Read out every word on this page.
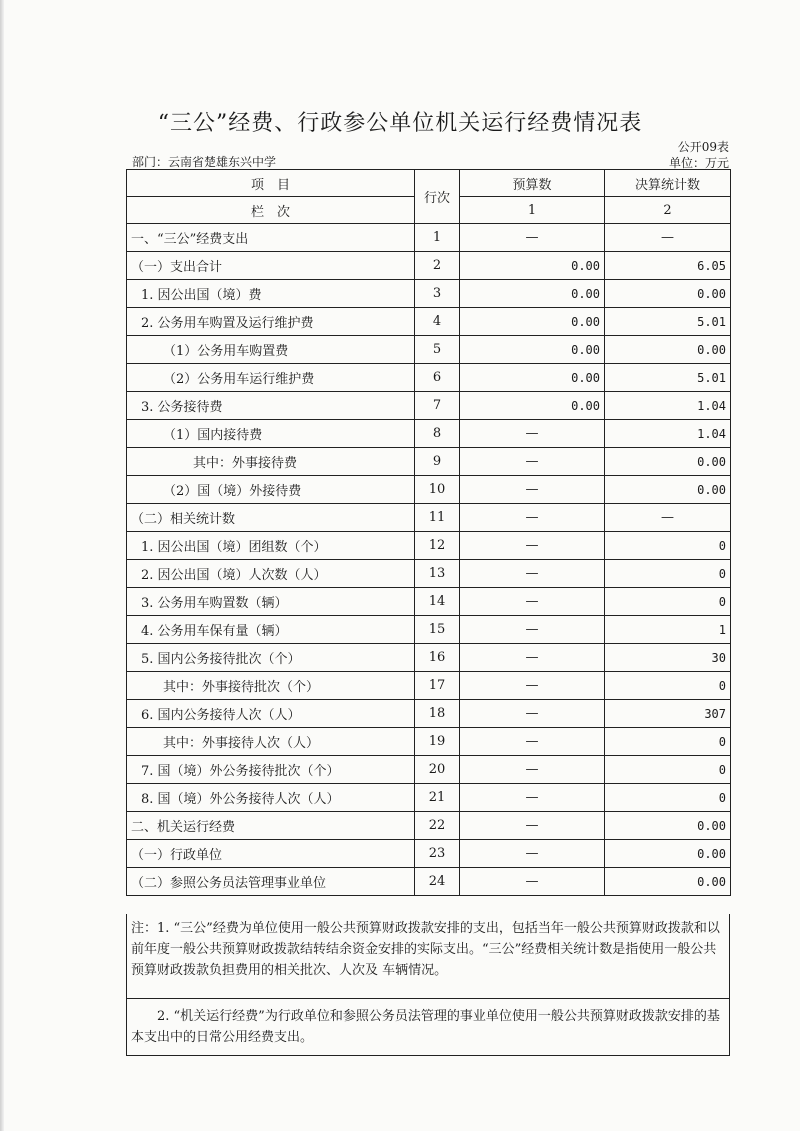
“三公”经费、行政参公单位机关运行经费情况表
公开09表
部门：云南省楚雄东兴中学	单位：万元
项　目	行次	预算数	决算统计数
栏　次		1	2
一、“三公”经费支出	1	—	—
（一）支出合计	2	0.00	6.05
1. 因公出国（境）费	3	0.00	0.00
2. 公务用车购置及运行维护费	4	0.00	5.01
（1）公务用车购置费	5	0.00	0.00
（2）公务用车运行维护费	6	0.00	5.01
3. 公务接待费	7	0.00	1.04
（1）国内接待费	8	—	1.04
其中：外事接待费	9	—	0.00
（2）国（境）外接待费	10	—	0.00
（二）相关统计数	11	—	—
1. 因公出国（境）团组数（个）	12	—	0
2. 因公出国（境）人次数（人）	13	—	0
3. 公务用车购置数（辆）	14	—	0
4. 公务用车保有量（辆）	15	—	1
5. 国内公务接待批次（个）	16	—	30
其中：外事接待批次（个）	17	—	0
6. 国内公务接待人次（人）	18	—	307
其中：外事接待人次（人）	19	—	0
7. 国（境）外公务接待批次（个）	20	—	0
8. 国（境）外公务接待人次（人）	21	—	0
二、机关运行经费	22	—	0.00
（一）行政单位	23	—	0.00
（二）参照公务员法管理事业单位	24	—	0.00
注：1. “三公”经费为单位使用一般公共预算财政拨款安排的支出，包括当年一般公共预算财政拨款和以前年度一般公共预算财政拨款结转结余资金安排的实际支出。“三公”经费相关统计数是指使用一般公共预算财政拨款负担费用的相关批次、人次及 车辆情况。
2. “机关运行经费”为行政单位和参照公务员法管理的事业单位使用一般公共预算财政拨款安排的基本支出中的日常公用经费支出。
